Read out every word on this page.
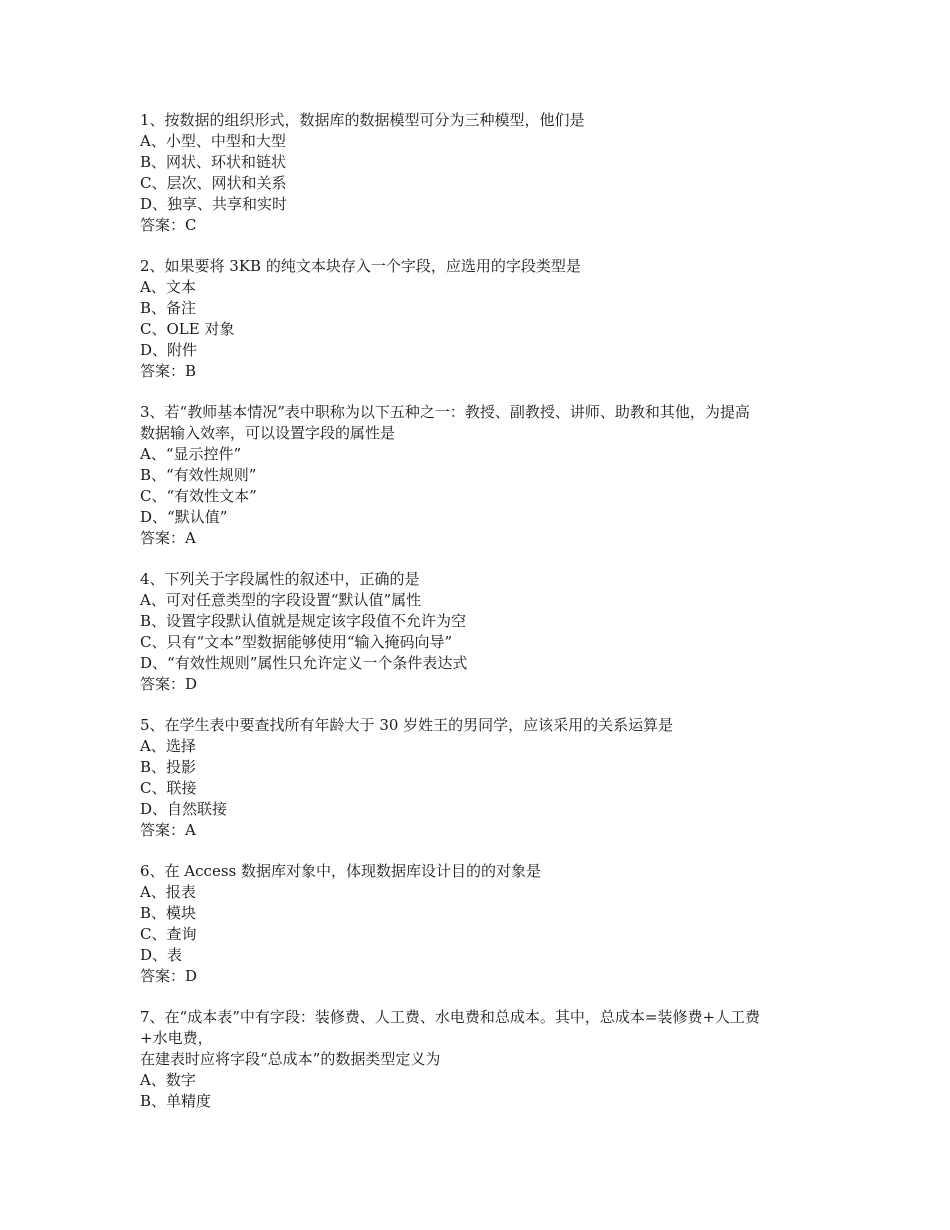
1、按数据的组织形式，数据库的数据模型可分为三种模型，他们是
A、小型、中型和大型
B、网状、环状和链状
C、层次、网状和关系
D、独享、共享和实时
答案：C
2、如果要将 3KB 的纯文本块存入一个字段，应选用的字段类型是
A、文本
B、备注
C、OLE 对象
D、附件
答案：B
3、若“教师基本情况”表中职称为以下五种之一：教授、副教授、讲师、助教和其他，为提高
数据输入效率，可以设置字段的属性是
A、“显示控件”
B、“有效性规则”
C、“有效性文本”
D、“默认值”
答案：A
4、下列关于字段属性的叙述中，正确的是
A、可对任意类型的字段设置“默认值”属性
B、设置字段默认值就是规定该字段值不允许为空
C、只有“文本”型数据能够使用“输入掩码向导”
D、“有效性规则”属性只允许定义一个条件表达式
答案：D
5、在学生表中要查找所有年龄大于 30 岁姓王的男同学，应该采用的关系运算是
A、选择
B、投影
C、联接
D、自然联接
答案：A
6、在 Access 数据库对象中，体现数据库设计目的的对象是
A、报表
B、模块
C、查询
D、表
答案：D
7、在“成本表”中有字段：装修费、人工费、水电费和总成本。其中，总成本=装修费+人工费
+水电费，
在建表时应将字段“总成本”的数据类型定义为
A、数字
B、单精度
